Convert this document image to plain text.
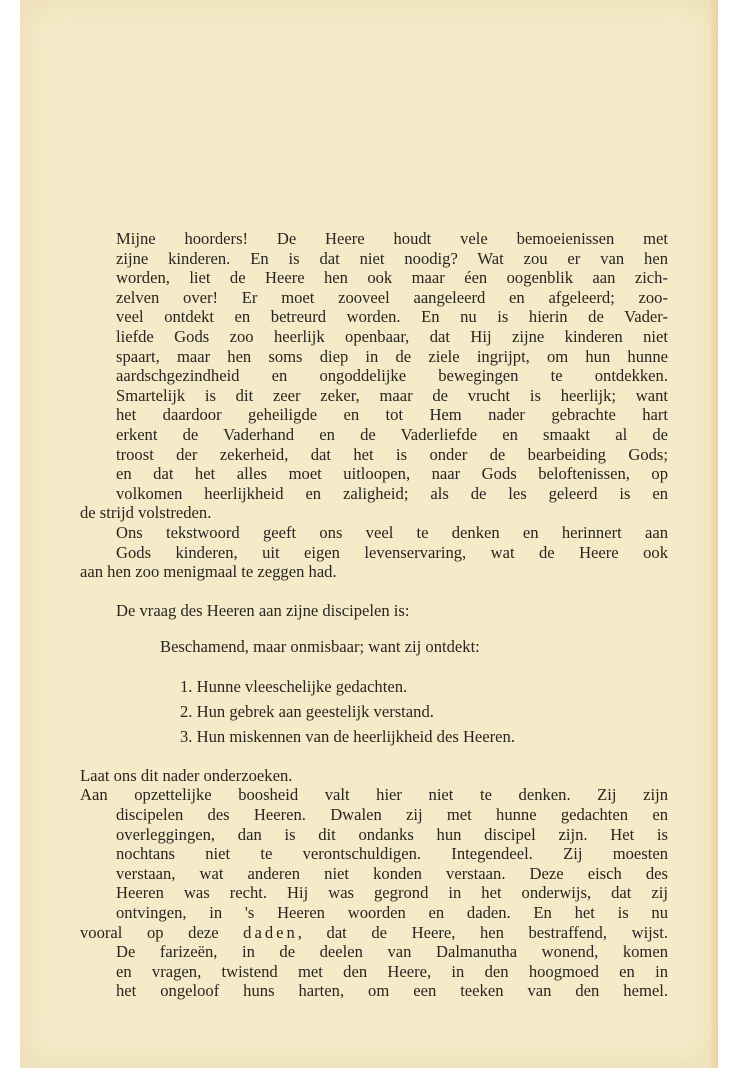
Mijne hoorders! De Heere houdt vele bemoeienissen met
zijne kinderen. En is dat niet noodig? Wat zou er van hen
worden, liet de Heere hen ook maar éen oogenblik aan zich-
zelven over! Er moet zooveel aangeleerd en afgeleerd; zoo-
veel ontdekt en betreurd worden. En nu is hierin de Vader-
liefde Gods zoo heerlijk openbaar, dat Hij zijne kinderen niet
spaart, maar hen soms diep in de ziele ingrijpt, om hun hunne
aardschgezindheid en ongoddelijke bewegingen te ontdekken.
Smartelijk is dit zeer zeker, maar de vrucht is heerlijk; want
het daardoor geheiligde en tot Hem nader gebrachte hart
erkent de Vaderhand en de Vaderliefde en smaakt al de
troost der zekerheid, dat het is onder de bearbeiding Gods;
en dat het alles moet uitloopen, naar Gods beloftenissen, op
volkomen heerlijkheid en zaligheid; als de les geleerd is en
de strijd volstreden.
Ons tekstwoord geeft ons veel te denken en herinnert aan
Gods kinderen, uit eigen levenservaring, wat de Heere ook
aan hen zoo menigmaal te zeggen had.
De vraag des Heeren aan zijne discipelen is:
Beschamend, maar onmisbaar; want zij ontdekt:
1. Hunne vleeschelijke gedachten.
2. Hun gebrek aan geestelijk verstand.
3. Hun miskennen van de heerlijkheid des Heeren.
Laat ons dit nader onderzoeken.
Aan opzettelijke boosheid valt hier niet te denken. Zij zijn
discipelen des Heeren. Dwalen zij met hunne gedachten en
overleggingen, dan is dit ondanks hun discipel zijn. Het is
nochtans niet te verontschuldigen. Integendeel. Zij moesten
verstaan, wat anderen niet konden verstaan. Deze eisch des
Heeren was recht. Hij was gegrond in het onderwijs, dat zij
ontvingen, in 's Heeren woorden en daden. En het is nu
vooral op deze daden, dat de Heere, hen bestraffend, wijst.
De farizeën, in de deelen van Dalmanutha wonend, komen
en vragen, twistend met den Heere, in den hoogmoed en in
het ongeloof huns harten, om een teeken van den hemel.
